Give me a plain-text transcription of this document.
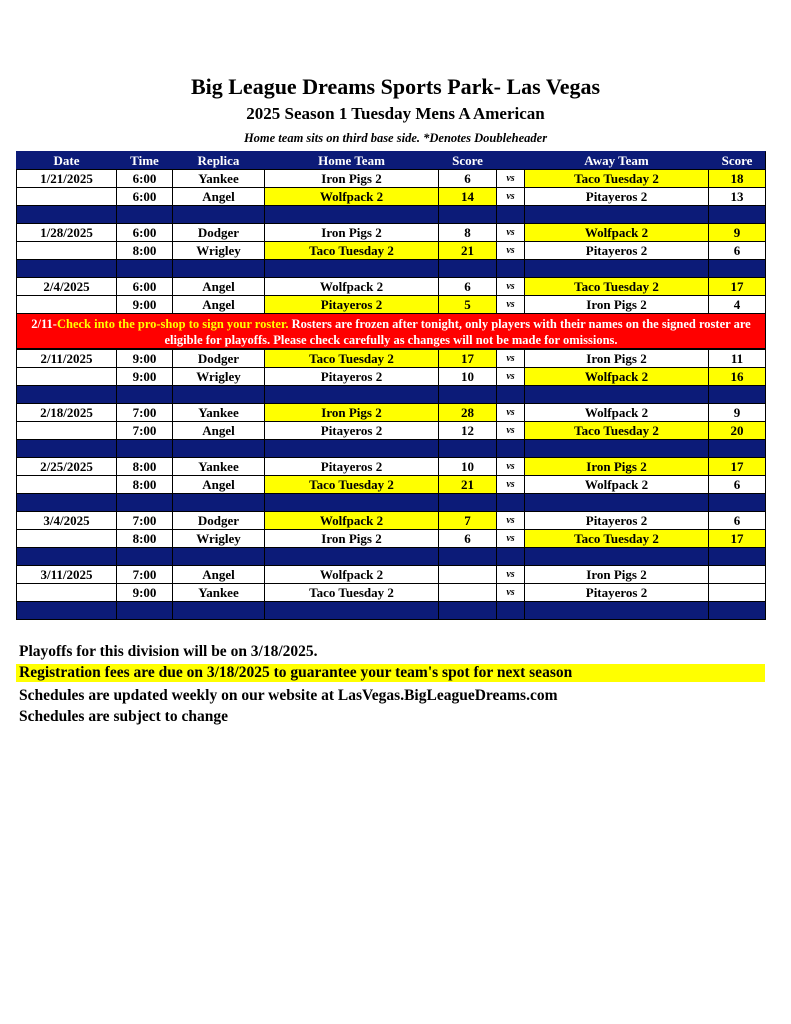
Big League Dreams Sports Park- Las Vegas
2025 Season 1 Tuesday Mens A American
Home team sits on third base side. *Denotes Doubleheader
Date	Time	Replica	Home Team	Score	Away Team	Score
1/21/2025	6:00	Yankee	Iron Pigs 2	6	vs	Taco Tuesday 2	18
6:00	Angel	Wolfpack 2	14	vs	Pitayeros 2	13
1/28/2025	6:00	Dodger	Iron Pigs 2	8	vs	Wolfpack 2	9
8:00	Wrigley	Taco Tuesday 2	21	vs	Pitayeros 2	6
2/4/2025	6:00	Angel	Wolfpack 2	6	vs	Taco Tuesday 2	17
9:00	Angel	Pitayeros 2	5	vs	Iron Pigs 2	4
2/11-Check into the pro-shop to sign your roster. Rosters are frozen after tonight, only players with their names on the signed roster are eligible for playoffs. Please check carefully as changes will not be made for omissions.
2/11/2025	9:00	Dodger	Taco Tuesday 2	17	vs	Iron Pigs 2	11
9:00	Wrigley	Pitayeros 2	10	vs	Wolfpack 2	16
2/18/2025	7:00	Yankee	Iron Pigs 2	28	vs	Wolfpack 2	9
7:00	Angel	Pitayeros 2	12	vs	Taco Tuesday 2	20
2/25/2025	8:00	Yankee	Pitayeros 2	10	vs	Iron Pigs 2	17
8:00	Angel	Taco Tuesday 2	21	vs	Wolfpack 2	6
3/4/2025	7:00	Dodger	Wolfpack 2	7	vs	Pitayeros 2	6
8:00	Wrigley	Iron Pigs 2	6	vs	Taco Tuesday 2	17
3/11/2025	7:00	Angel	Wolfpack 2	vs	Iron Pigs 2
9:00	Yankee	Taco Tuesday 2	vs	Pitayeros 2
Playoffs for this division will be on 3/18/2025.
Registration fees are due on 3/18/2025 to guarantee your team's spot for next season
Schedules are updated weekly on our website at LasVegas.BigLeagueDreams.com
Schedules are subject to change
